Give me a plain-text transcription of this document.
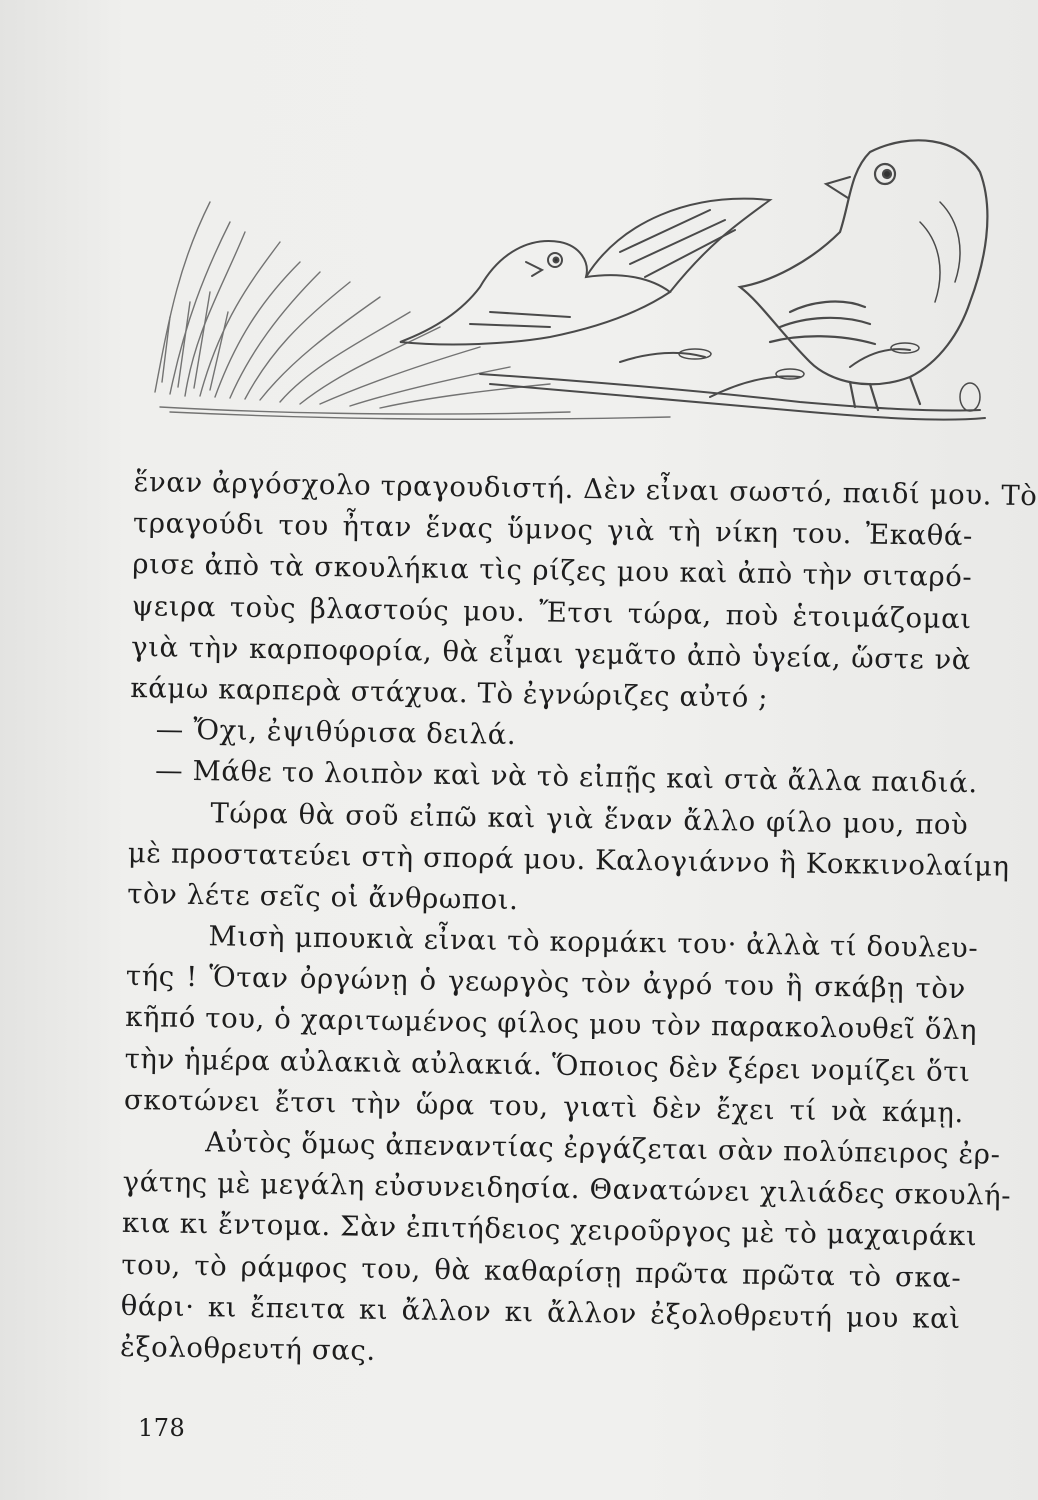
ἕναν ἀργόσχολο τραγουδιστή. Δὲν εἶναι σωστό, παιδί μου. Τὸ
τραγούδι του ἦταν ἕνας ὕμνος γιὰ τὴ νίκη του. Ἐκαθά-
ρισε ἀπὸ τὰ σκουλήκια τὶς ρίζες μου καὶ ἀπὸ τὴν σιταρό-
ψειρα τοὺς βλαστούς μου. Ἔτσι τώρα, ποὺ ἑτοιμάζομαι
γιὰ τὴν καρποφορία, θὰ εἶμαι γεμᾶτο ἀπὸ ὑγεία, ὥστε νὰ
κάμω καρπερὰ στάχυα. Τὸ ἐγνώριζες αὐτό ;
— Ὄχι, ἐψιθύρισα δειλά.
— Μάθε το λοιπὸν καὶ νὰ τὸ εἰπῇς καὶ στὰ ἄλλα παιδιά.
Τώρα θὰ σοῦ εἰπῶ καὶ γιὰ ἕναν ἄλλο φίλο μου, ποὺ
μὲ προστατεύει στὴ σπορά μου. Καλογιάννο ἢ Κοκκινολαίμη
τὸν λέτε σεῖς οἱ ἄνθρωποι.
Μισὴ μπουκιὰ εἶναι τὸ κορμάκι του· ἀλλὰ τί δουλευ-
τής ! Ὅταν ὀργώνῃ ὁ γεωργὸς τὸν ἀγρό του ἢ σκάβῃ τὸν
κῆπό του, ὁ χαριτωμένος φίλος μου τὸν παρακολουθεῖ ὅλη
τὴν ἡμέρα αὐλακιὰ αὐλακιά. Ὅποιος δὲν ξέρει νομίζει ὅτι
σκοτώνει ἔτσι τὴν ὥρα του, γιατὶ δὲν ἔχει τί νὰ κάμῃ.
Αὐτὸς ὅμως ἀπεναντίας ἐργάζεται σὰν πολύπειρος ἐρ-
γάτης μὲ μεγάλη εὐσυνειδησία. Θανατώνει χιλιάδες σκουλή-
κια κι ἔντομα. Σὰν ἐπιτήδειος χειροῦργος μὲ τὸ μαχαιράκι
του, τὸ ράμφος του, θὰ καθαρίσῃ πρῶτα πρῶτα τὸ σκα-
θάρι· κι ἔπειτα κι ἄλλον κι ἄλλον ἐξολοθρευτή μου καὶ
ἐξολοθρευτή σας.
178
